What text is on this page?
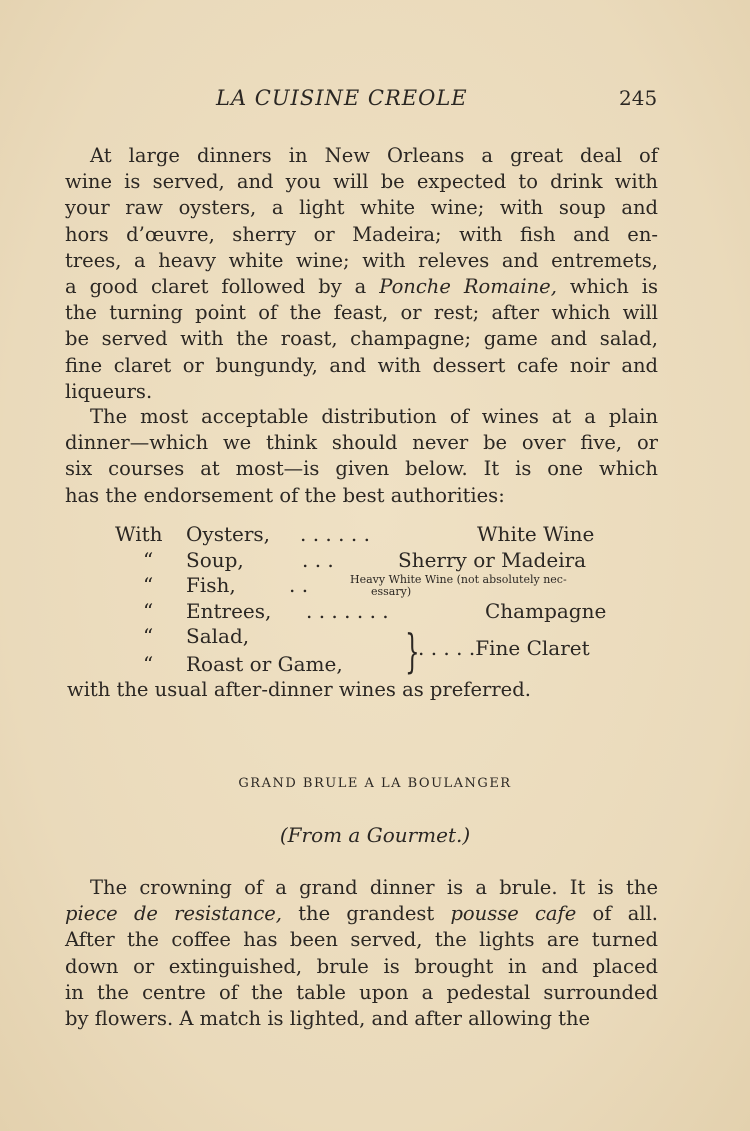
LA CUISINE CREOLE	245
At large dinners in New Orleans a great deal of
wine is served, and you will be expected to drink with
your raw oysters, a light white wine; with soup and
hors d’œuvre, sherry or Madeira; with fish and en-
trees, a heavy white wine; with releves and entremets,
a good claret followed by a Ponche Romaine, which is
the turning point of the feast, or rest; after which will
be served with the roast, champagne; game and salad,
fine claret or bungundy, and with dessert cafe noir and
liqueurs.
The most acceptable distribution of wines at a plain
dinner—which we think should never be over five, or
six courses at most—is given below. It is one which
has the endorsement of the best authorities:
With Oysters, . . . . . .	White Wine
“ Soup,	. . .	Sherry or Madeira
“ Fish,	. .	Heavy White Wine (not absolutely nec-
essary)
“ Entrees, . . . . . . .	Champagne
“ Salad,
“ Roast or Game, }
. . . . .Fine Claret
with the usual after-dinner wines as preferred.
GRAND BRULE A LA BOULANGER
(From a Gourmet.)
The crowning of a grand dinner is a brule. It is the
piece de resistance, the grandest pousse cafe of all.
After the coffee has been served, the lights are turned
down or extinguished, brule is brought in and placed
in the centre of the table upon a pedestal surrounded
by flowers. A match is lighted, and after allowing the
